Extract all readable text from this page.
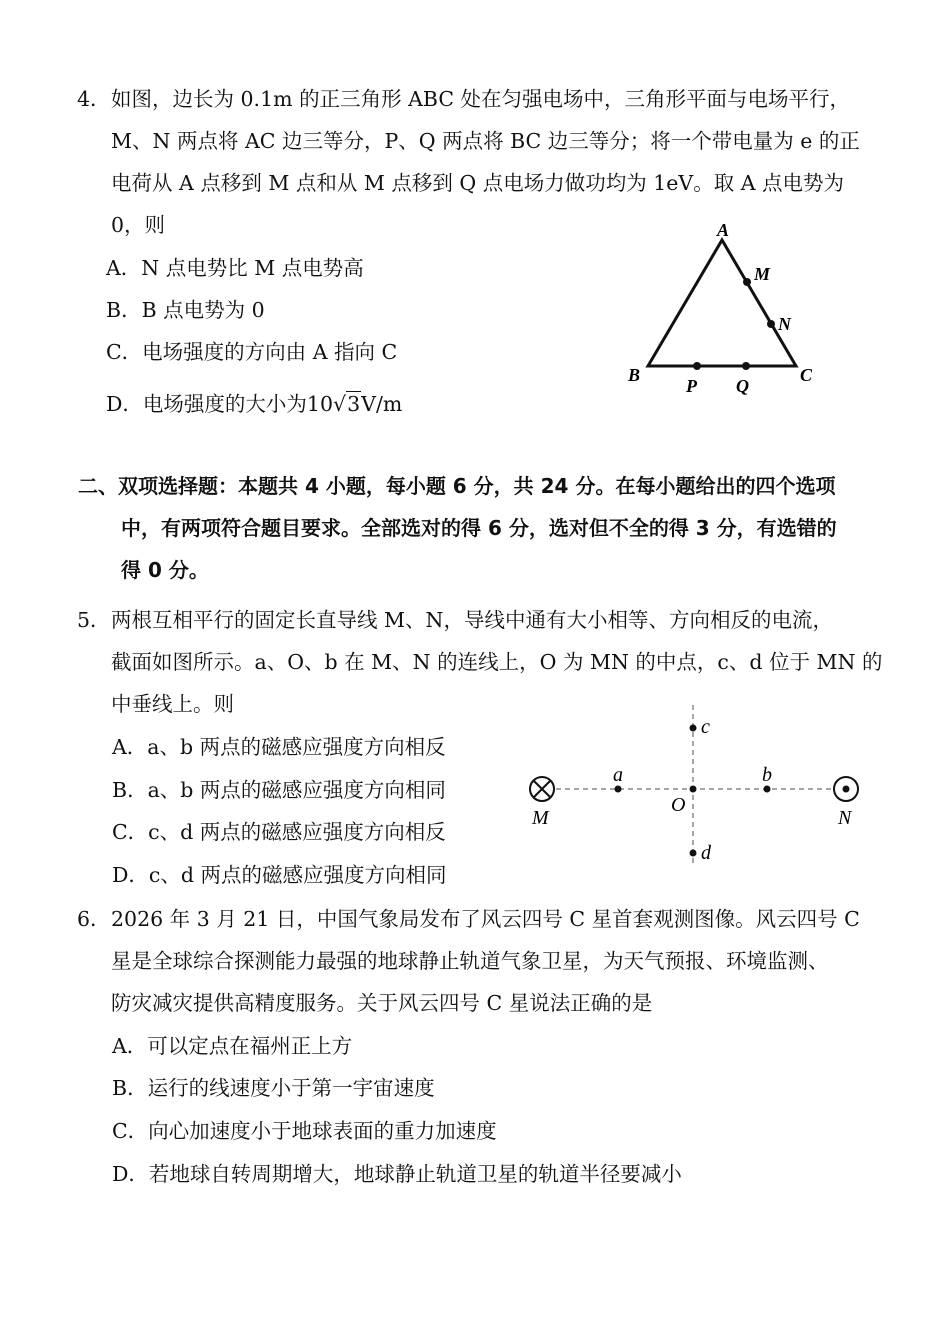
4． 如图，边长为 0.1m 的正三角形 ABC 处在匀强电场中，三角形平面与电场平行，
M、N 两点将 AC 边三等分，P、Q 两点将 BC 边三等分；将一个带电量为 e 的正
电荷从 A 点移到 M 点和从 M 点移到 Q 点电场力做功均为 1eV。取 A 点电势为
0，则
A．N 点电势比 M 点电势高
B．B 点电势为 0
C．电场强度的方向由 A 指向 C
D．电场强度的大小为10√3V/m
A
M
N
B	C
P Q
二、双项选择题：本题共 4 小题，每小题 6 分，共 24 分。在每小题给出的四个选项
中，有两项符合题目要求。全部选对的得 6 分，选对但不全的得 3 分，有选错的
得 0 分。
5． 两根互相平行的固定长直导线 M、N，导线中通有大小相等、方向相反的电流，
截面如图所示。a、O、b 在 M、N 的连线上，O 为 MN 的中点，c、d 位于 MN 的
中垂线上。则
A．a、b 两点的磁感应强度方向相反
B．a、b 两点的磁感应强度方向相同
C．c、d 两点的磁感应强度方向相反
D．c、d 两点的磁感应强度方向相同
M	N
a	b
c
d
O
6． 2026 年 3 月 21 日，中国气象局发布了风云四号 C 星首套观测图像。风云四号 C
星是全球综合探测能力最强的地球静止轨道气象卫星，为天气预报、环境监测、
防灾减灾提供高精度服务。关于风云四号 C 星说法正确的是
A．可以定点在福州正上方
B．运行的线速度小于第一宇宙速度
C．向心加速度小于地球表面的重力加速度
D．若地球自转周期增大，地球静止轨道卫星的轨道半径要减小
